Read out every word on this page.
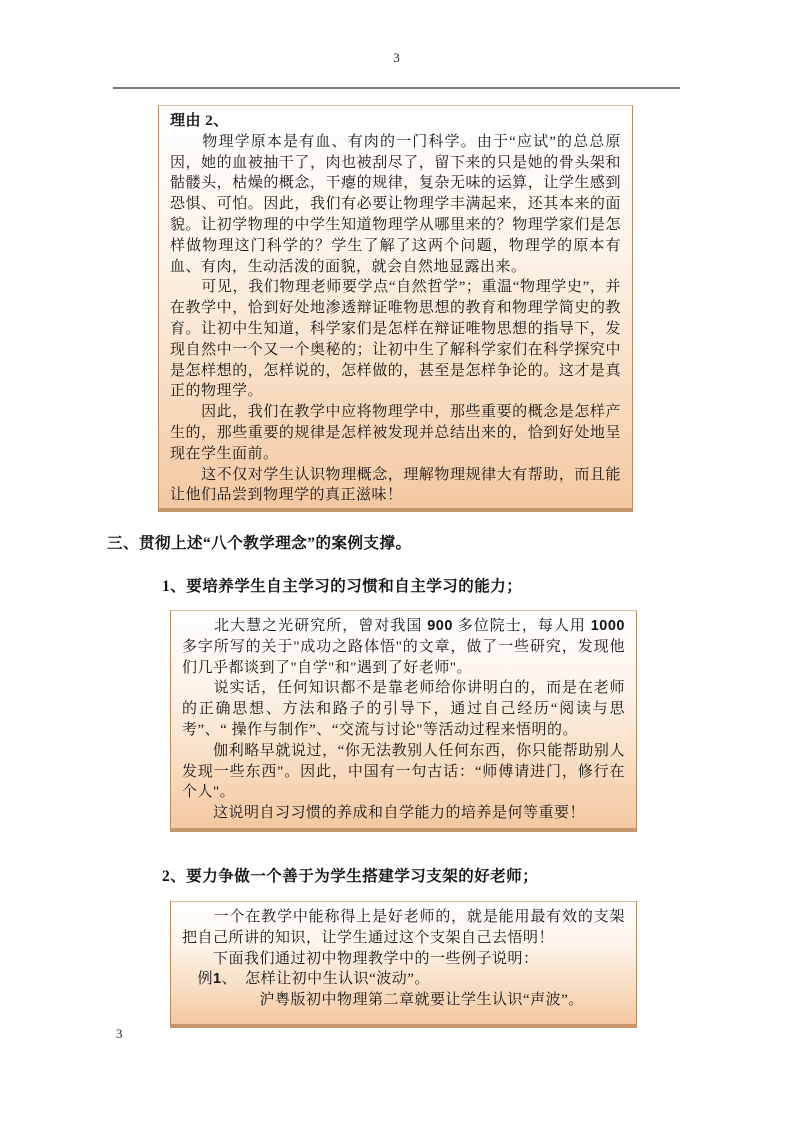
3

理由 2、

　　物理学原本是有血、有肉的一门科学。由于“应试”的总总原因，她的血被抽干了，肉也被刮尽了，留下来的只是她的骨头架和骷髅头，枯燥的概念，干瘪的规律，复杂无味的运算，让学生感到恐惧、可怕。因此，我们有必要让物理学丰满起来，还其本来的面貌。让初学物理的中学生知道物理学从哪里来的？物理学家们是怎样做物理这门科学的？学生了解了这两个问题，物理学的原本有血、有肉，生动活泼的面貌，就会自然地显露出来。

　　可见，我们物理老师要学点“自然哲学”；重温“物理学史”，并在教学中，恰到好处地渗透辩证唯物思想的教育和物理学简史的教育。让初中生知道，科学家们是怎样在辩证唯物思想的指导下，发现自然中一个又一个奥秘的；让初中生了解科学家们在科学探究中是怎样想的，怎样说的，怎样做的，甚至是怎样争论的。这才是真正的物理学。

　　因此，我们在教学中应将物理学中，那些重要的概念是怎样产生的，那些重要的规律是怎样被发现并总结出来的，恰到好处地呈现在学生面前。

　　这不仅对学生认识物理概念，理解物理规律大有帮助，而且能让他们品尝到物理学的真正滋味！

三、贯彻上述“八个教学理念”的案例支撑。
1、要培养学生自主学习的习惯和自主学习的能力；

　　北大慧之光研究所，曾对我国 900 多位院士，每人用 1000 多字所写的关于"成功之路体悟"的文章，做了一些研究，发现他们几乎都谈到了"自学"和"遇到了好老师"。

　　说实话，任何知识都不是靠老师给你讲明白的，而是在老师的正确思想、方法和路子的引导下，通过自己经历“阅读与思考”、“ 操作与制作”、“交流与讨论"等活动过程来悟明的。

　　伽利略早就说过，“你无法教别人任何东西，你只能帮助别人发现一些东西"。因此，中国有一句古话：“师傅请进门，修行在个人"。

　　这说明自习习惯的养成和自学能力的培养是何等重要！

2、要力争做一个善于为学生搭建学习支架的好老师；

　　一个在教学中能称得上是好老师的，就是能用最有效的支架把自己所讲的知识，让学生通过这个支架自己去悟明！

　　下面我们通过初中物理教学中的一些例子说明：

　例1、　怎样让初中生认识“波动”。

　　　　　沪粤版初中物理第二章就要让学生认识“声波”。

3
